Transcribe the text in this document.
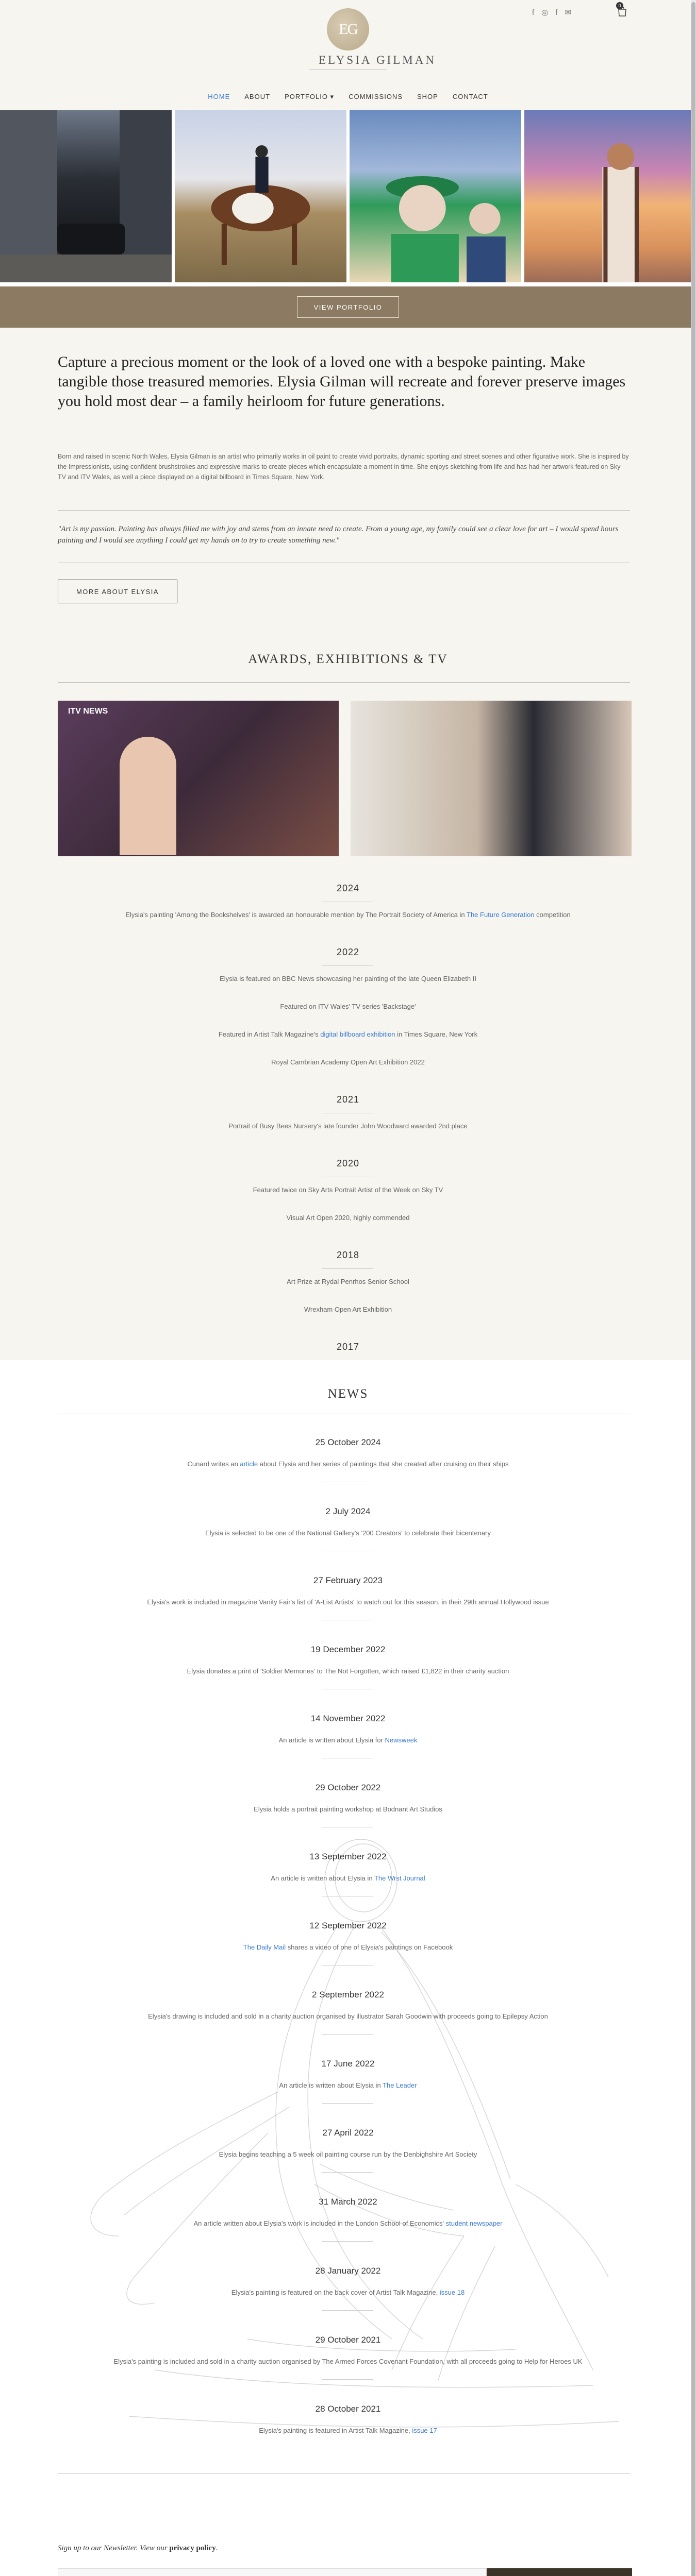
EG
ELYSIA GILMAN
f ◎ f ✉
0
HOME ABOUT PORTFOLIO ▾ COMMISSIONS SHOP CONTACT
VIEW PORTFOLIO
Capture a precious moment or the look of a loved one with a bespoke painting. Make tangible those treasured memories. Elysia Gilman will recreate and forever preserve images you hold most dear – a family heirloom for future generations.
Born and raised in scenic North Wales, Elysia Gilman is an artist who primarily works in oil paint to create vivid portraits, dynamic sporting and street scenes and other figurative work. She is inspired by the Impressionists, using confident brushstrokes and expressive marks to create pieces which encapsulate a moment in time. She enjoys sketching from life and has had her artwork featured on Sky TV and ITV Wales, as well a piece displayed on a digital billboard in Times Square, New York.
"Art is my passion. Painting has always filled me with joy and stems from an innate need to create. From a young age, my family could see a clear love for art – I would spend hours painting and I would see anything I could get my hands on to try to create something new."
MORE ABOUT ELYSIA
AWARDS, EXHIBITIONS & TV
ITV NEWS
2024
Elysia's painting 'Among the Bookshelves' is awarded an honourable mention by The Portrait Society of America in The Future Generation competition
2022
Elysia is featured on BBC News showcasing her painting of the late Queen Elizabeth II
Featured on ITV Wales' TV series 'Backstage'
Featured in Artist Talk Magazine's digital billboard exhibition in Times Square, New York
Royal Cambrian Academy Open Art Exhibition 2022
2021
Portrait of Busy Bees Nursery's late founder John Woodward awarded 2nd place
2020
Featured twice on Sky Arts Portrait Artist of the Week on Sky TV
Visual Art Open 2020, highly commended
2018
Art Prize at Rydal Penrhos Senior School
Wrexham Open Art Exhibition
2017
NEWS
25 October 2024
Cunard writes an article about Elysia and her series of paintings that she created after cruising on their ships
2 July 2024
Elysia is selected to be one of the National Gallery's '200 Creators' to celebrate their bicentenary
27 February 2023
Elysia's work is included in magazine Vanity Fair's list of 'A-List Artists' to watch out for this season, in their 29th annual Hollywood issue
19 December 2022
Elysia donates a print of 'Soldier Memories' to The Not Forgotten, which raised £1,822 in their charity auction
14 November 2022
An article is written about Elysia for Newsweek
29 October 2022
Elysia holds a portrait painting workshop at Bodnant Art Studios
13 September 2022
An article is written about Elysia in The Wrst Journal
12 September 2022
The Daily Mail shares a video of one of Elysia's paintings on Facebook
2 September 2022
Elysia's drawing is included and sold in a charity auction organised by illustrator Sarah Goodwin with proceeds going to Epilepsy Action
17 June 2022
An article is written about Elysia in The Leader
27 April 2022
Elysia begins teaching a 5 week oil painting course run by the Denbighshire Art Society
31 March 2022
An article written about Elysia's work is included in the London School of Economics' student newspaper
28 January 2022
Elysia's painting is featured on the back cover of Artist Talk Magazine, issue 18
29 October 2021
Elysia's painting is included and sold in a charity auction organised by The Armed Forces Covenant Foundation, with all proceeds going to Help for Heroes UK
28 October 2021
Elysia's painting is featured in Artist Talk Magazine, issue 17
Sign up to our Newsletter. View our privacy policy.
Email address
